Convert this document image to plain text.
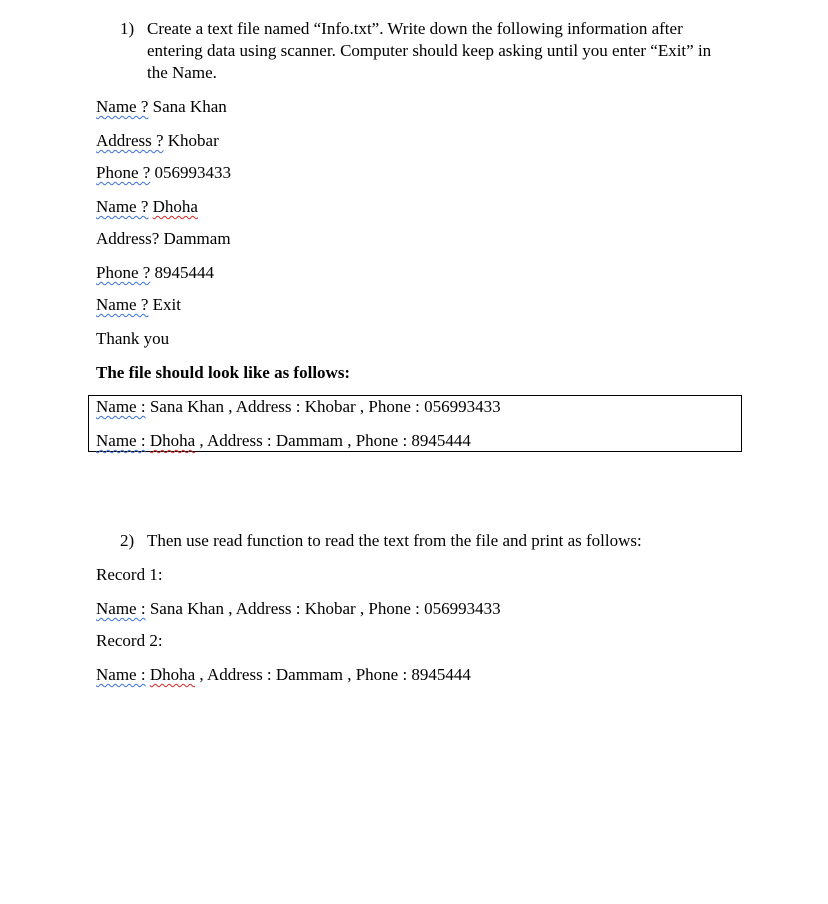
1) Create a text file named “Info.txt”. Write down the following information after
entering data using scanner. Computer should keep asking until you enter “Exit” in
the Name.
Name ? Sana Khan
Address ? Khobar
Phone ? 056993433
Name ? Dhoha
Address? Dammam
Phone ? 8945444
Name ? Exit
Thank you
The file should look like as follows:
Name : Sana Khan , Address : Khobar , Phone : 056993433
Name : Dhoha , Address : Dammam , Phone : 8945444
2) Then use read function to read the text from the file and print as follows:
Record 1:
Name : Sana Khan , Address : Khobar , Phone : 056993433
Record 2:
Name : Dhoha , Address : Dammam , Phone : 8945444
